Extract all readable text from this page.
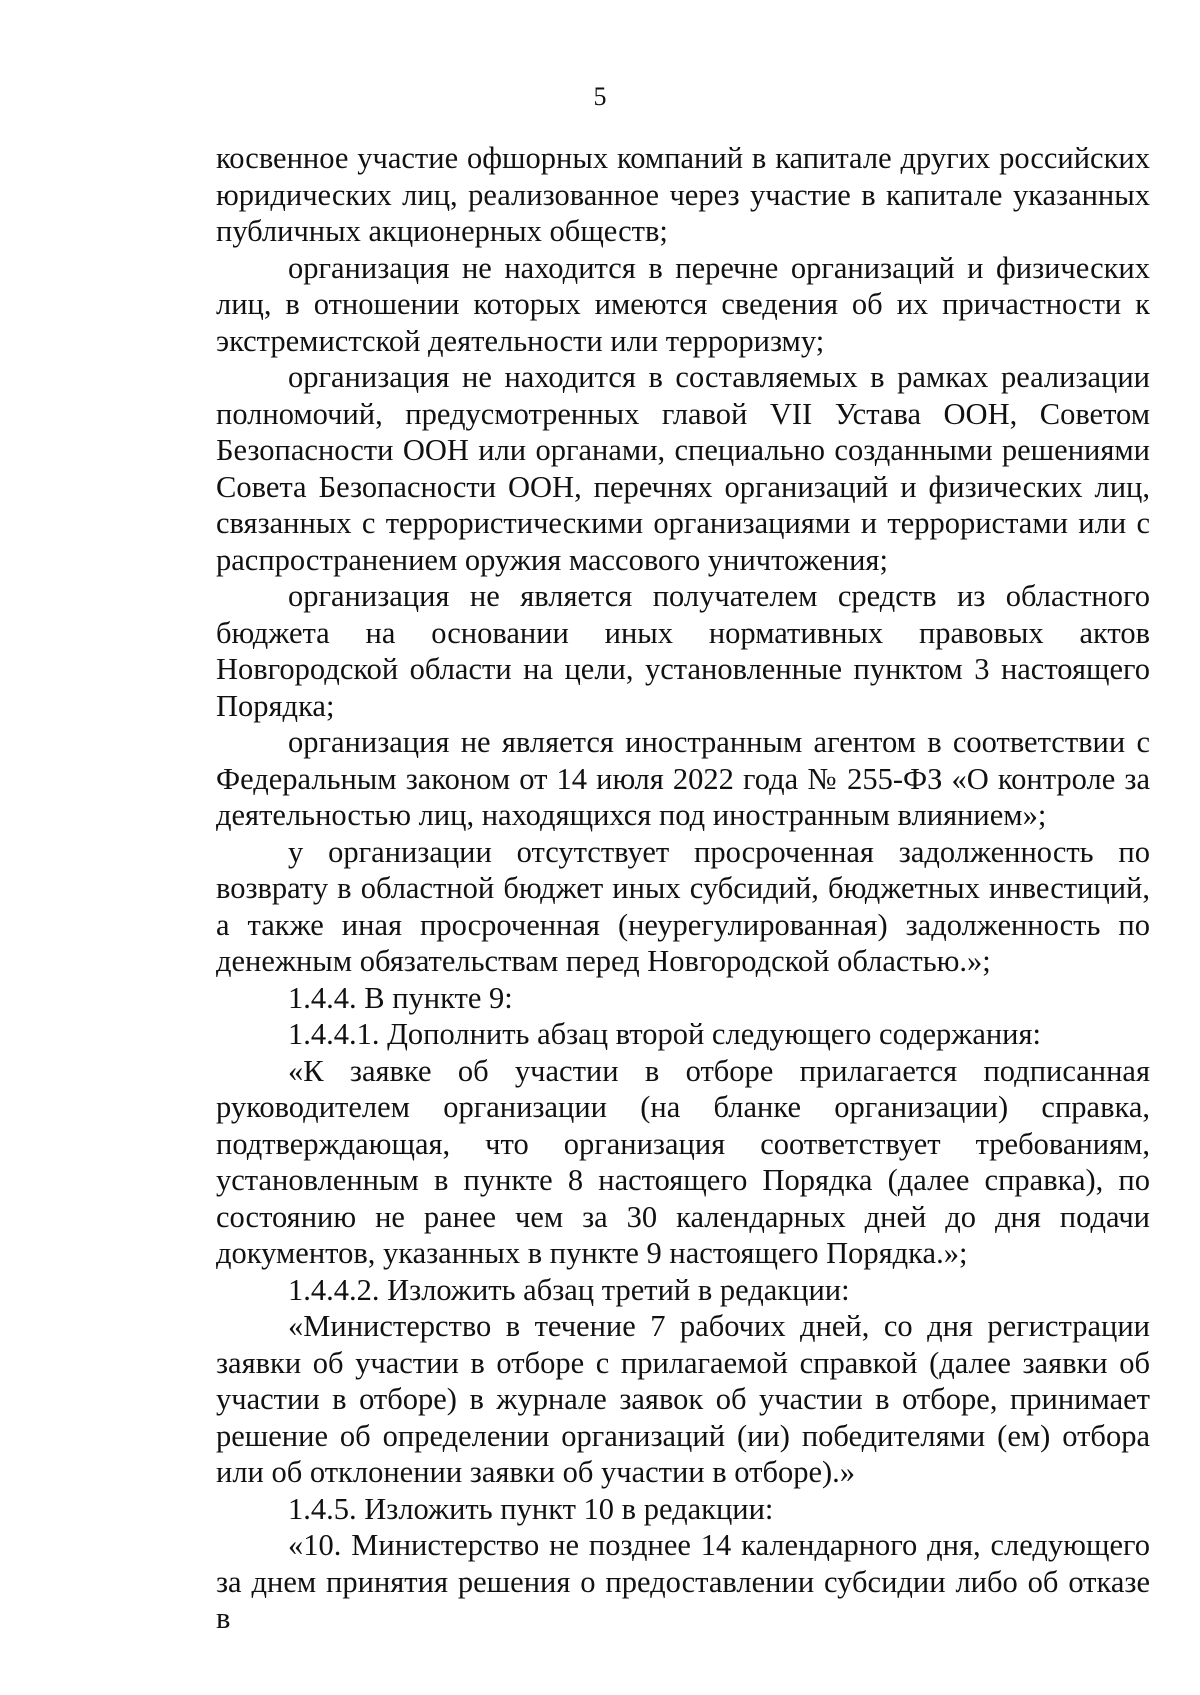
5

косвенное участие офшорных компаний в капитале других российских юридических лиц, реализованное через участие в капитале указанных публичных акционерных обществ;

организация не находится в перечне организаций и физических лиц, в отношении которых имеются сведения об их причастности к экстремистской деятельности или терроризму;

организация не находится в составляемых в рамках реализации полномочий, предусмотренных главой VII Устава ООН, Советом Безопасности ООН или органами, специально созданными решениями Совета Безопасности ООН, перечнях организаций и физических лиц, связанных с террористическими организациями и террористами или с распространением оружия массового уничтожения;

организация не является получателем средств из областного бюджета на основании иных нормативных правовых актов Новгородской области на цели, установленные пунктом 3 настоящего Порядка;

организация не является иностранным агентом в соответствии с Федеральным законом от 14 июля 2022 года № 255-ФЗ «О контроле за деятельностью лиц, находящихся под иностранным влиянием»;

у организации отсутствует просроченная задолженность по возврату в областной бюджет иных субсидий, бюджетных инвестиций, а также иная просроченная (неурегулированная) задолженность по денежным обязательствам перед Новгородской областью.»;

1.4.4. В пункте 9:

1.4.4.1. Дополнить абзац второй следующего содержания:

«К заявке об участии в отборе прилагается подписанная руководителем организации (на бланке организации) справка, подтверждающая, что организация соответствует требованиям, установленным в пункте 8 настоящего Порядка (далее справка), по состоянию не ранее чем за 30 календарных дней до дня подачи документов, указанных в пункте 9 настоящего Порядка.»;

1.4.4.2. Изложить абзац третий в редакции:

«Министерство в течение 7 рабочих дней, со дня регистрации заявки об участии в отборе с прилагаемой справкой (далее заявки об участии в отборе) в журнале заявок об участии в отборе, принимает решение об определении организаций (ии) победителями (ем) отбора или об отклонении заявки об участии в отборе).»

1.4.5. Изложить пункт 10 в редакции:

«10. Министерство не позднее 14 календарного дня, следующего за днем принятия решения о предоставлении субсидии либо об отказе в
